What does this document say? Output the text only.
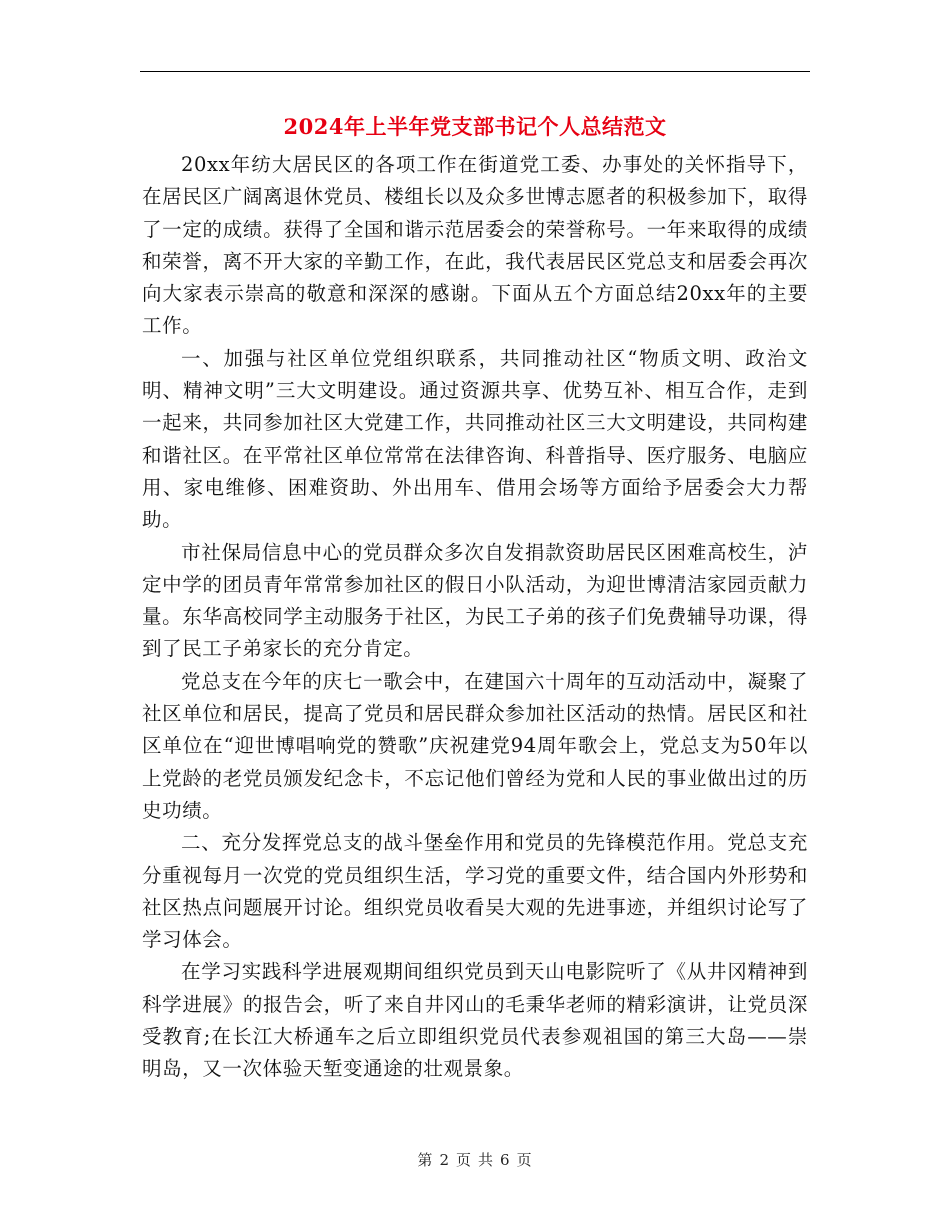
2024年上半年党支部书记个人总结范文

20xx年纺大居民区的各项工作在街道党工委、办事处的关怀指导下，在居民区广阔离退休党员、楼组长以及众多世博志愿者的积极参加下，取得了一定的成绩。获得了全国和谐示范居委会的荣誉称号。一年来取得的成绩和荣誉，离不开大家的辛勤工作，在此，我代表居民区党总支和居委会再次向大家表示崇高的敬意和深深的感谢。下面从五个方面总结20xx年的主要工作。

一、加强与社区单位党组织联系，共同推动社区“物质文明、政治文明、精神文明”三大文明建设。通过资源共享、优势互补、相互合作，走到一起来，共同参加社区大党建工作，共同推动社区三大文明建设，共同构建和谐社区。在平常社区单位常常在法律咨询、科普指导、医疗服务、电脑应用、家电维修、困难资助、外出用车、借用会场等方面给予居委会大力帮助。

市社保局信息中心的党员群众多次自发捐款资助居民区困难高校生，泸定中学的团员青年常常参加社区的假日小队活动，为迎世博清洁家园贡献力量。东华高校同学主动服务于社区，为民工子弟的孩子们免费辅导功课，得到了民工子弟家长的充分肯定。

党总支在今年的庆七一歌会中，在建国六十周年的互动活动中，凝聚了社区单位和居民，提高了党员和居民群众参加社区活动的热情。居民区和社区单位在“迎世博唱响党的赞歌”庆祝建党94周年歌会上，党总支为50年以上党龄的老党员颁发纪念卡，不忘记他们曾经为党和人民的事业做出过的历史功绩。

二、充分发挥党总支的战斗堡垒作用和党员的先锋模范作用。党总支充分重视每月一次党的党员组织生活，学习党的重要文件，结合国内外形势和社区热点问题展开讨论。组织党员收看吴大观的先进事迹，并组织讨论写了学习体会。

在学习实践科学进展观期间组织党员到天山电影院听了《从井冈精神到科学进展》的报告会，听了来自井冈山的毛秉华老师的精彩演讲，让党员深受教育;在长江大桥通车之后立即组织党员代表参观祖国的第三大岛——崇明岛，又一次体验天堑变通途的壮观景象。

第 2 页 共 6 页
